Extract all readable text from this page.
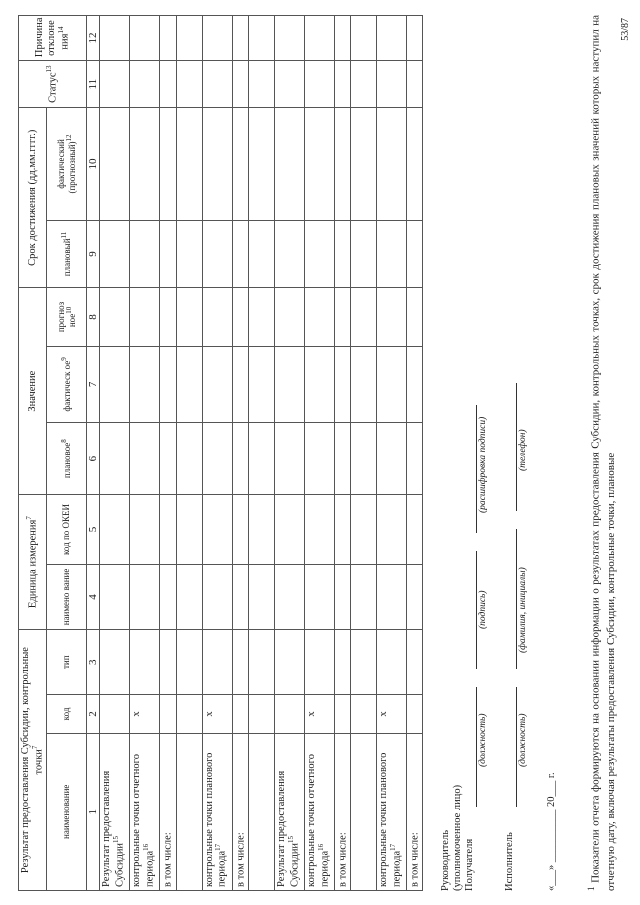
Результат предоставления Субсидии, контрольные точки$^7$			Единица измерения$^7$		Значение			Срок достижения (дд.мм.гггг.)		Статус$^{13}$	Причина отклоне ния$^{14}$
наименование	код	тип	наимено вание	код по ОКЕИ	плановое$^8$	фактическ $ое^9$	прогноз ное$^{10}$	плановый$^{11}$	фактический (прогнозный)$^{12}$
1	2	3	4	5	6	7	8	9	10	11	12
Результат предоставления Субсидии$^{15}$											
контрольные точки отчетного периода$^{16}$	x										
в том числе:											

контрольные точки планового периода$^{17}$	x										
в том числе:											

Результат предоставления Субсидии$^{15}$											
контрольные точки отчетного периода$^{16}$	x										
в том числе:											

контрольные точки планового периода$^{17}$	x										
в том числе:											Руководитель (уполномоченное лицо) Получателя
(должность)
(подпись)
(расшифровка подписи)
Исполнитель
(должность)
(фамилия, инициалы)
(телефон)
«___» __________ 20___ г.	$^1$ Показатели отчета формируются на основании информации о результатах предоставления Субсидии, контрольных точках, срок достижения плановых значений которых наступил на отчетную дату, включая результаты предоставления Субсидии, контрольные точки, плановые
53/87
